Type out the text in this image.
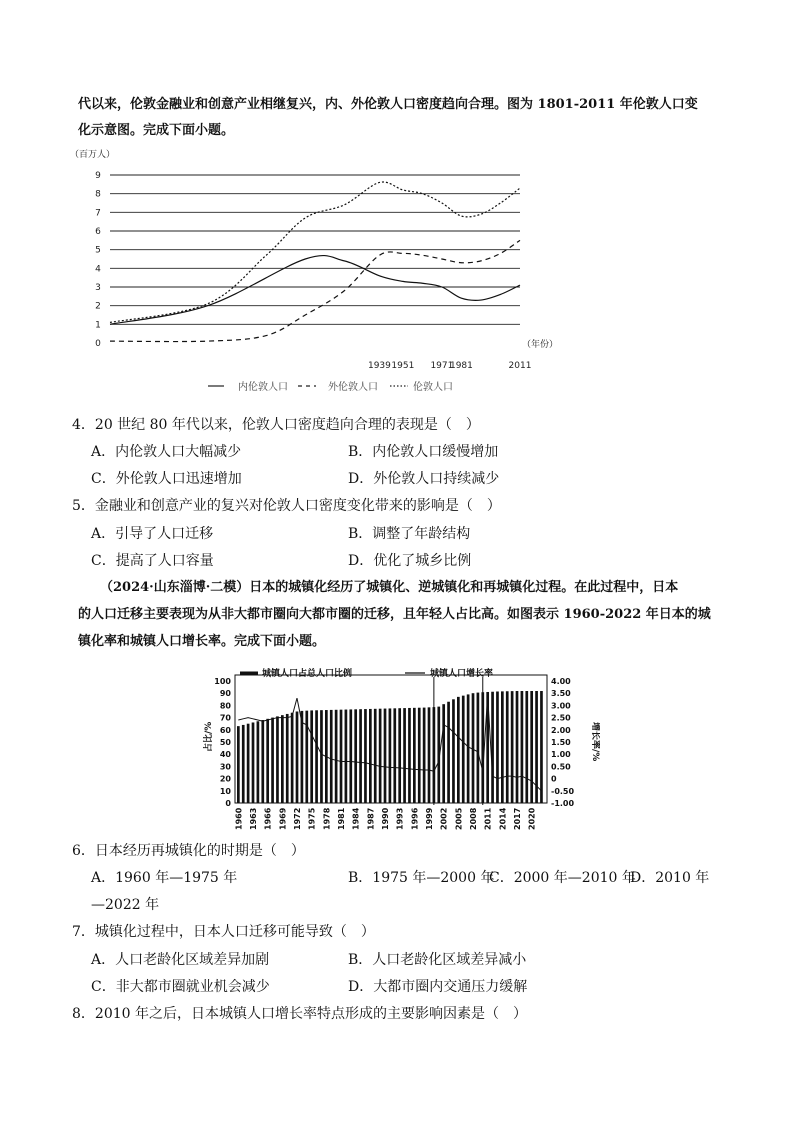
代以来，伦敦金融业和创意产业相继复兴，内、外伦敦人口密度趋向合理。图为 1801-2011 年伦敦人口变
化示意图。完成下面小题。
0
1
2
3
4
5
6
7
8
9
1939 1951 1971
1981	2011
（百万人）
（年份）
内伦敦人口	外伦敦人口	伦敦人口
4．20 世纪 80 年代以来，伦敦人口密度趋向合理的表现是（　）
A．内伦敦人口大幅减少	B．内伦敦人口缓慢增加
C．外伦敦人口迅速增加	D．外伦敦人口持续减少
5．金融业和创意产业的复兴对伦敦人口密度变化带来的影响是（　）
A．引导了人口迁移	B．调整了年龄结构
C．提高了人口容量	D．优化了城乡比例
（2024·山东淄博·二模）日本的城镇化经历了城镇化、逆城镇化和再城镇化过程。在此过程中，日本
的人口迁移主要表现为从非大都市圈向大都市圈的迁移，且年轻人占比高。如图表示 1960-2022 年日本的城
镇化率和城镇人口增长率。完成下面小题。
0
10
20
30
40
50
60
70
80
90
100
-1.00
-0.50
0
0.50
1.00
1.50
2.00
2.50
3.00
3.50
4.00
1960 1963 1966 1969 1972 1975 1978 1981 1984 1987 1990 1993 1996 1999 2002 2005 2008 2011 2014 2017 2020
城镇人口占总人口比例	城镇人口增长率
占比/%	增长率/%
6．日本经历再城镇化的时期是（　）
A．1960 年—1975 年	B．1975 年—2000 年
C．2000 年—2010 年
D．2010 年
—2022 年
7．城镇化过程中，日本人口迁移可能导致（　）
A．人口老龄化区域差异加剧	B．人口老龄化区域差异减小
C．非大都市圈就业机会减少	D．大都市圈内交通压力缓解
8．2010 年之后，日本城镇人口增长率特点形成的主要影响因素是（　）
